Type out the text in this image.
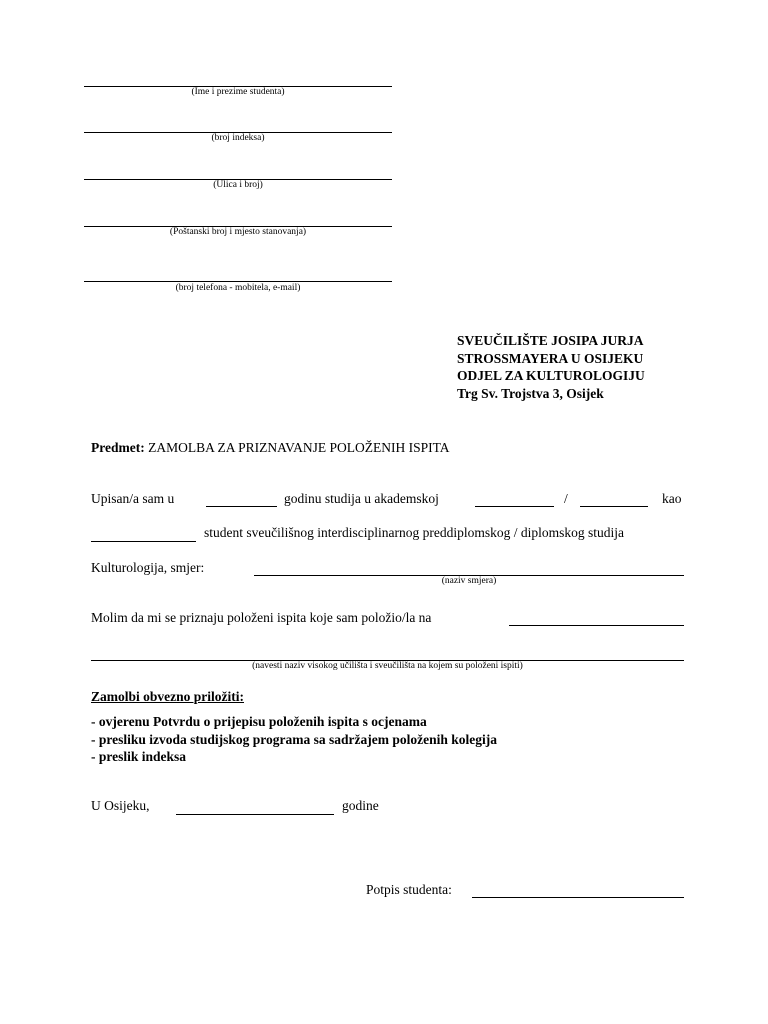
(Ime i prezime studenta)
(broj indeksa)
(Ulica i broj)
(Poštanski broj i mjesto stanovanja)
(broj telefona - mobitela, e-mail)
SVEUČILIŠTE JOSIPA JURJA
STROSSMAYERA U OSIJEKU
ODJEL ZA KULTUROLOGIJU
Trg Sv. Trojstva 3, Osijek
Predmet: ZAMOLBA ZA PRIZNAVANJE POLOŽENIH ISPITA
Upisan/a sam u	godinu studija u akademskoj	/	kao
student sveučilišnog interdisciplinarnog preddiplomskog / diplomskog studija
Kulturologija, smjer:
(naziv smjera)
Molim da mi se priznaju položeni ispita koje sam položio/la na
(navesti naziv visokog učilišta i sveučilišta na kojem su položeni ispiti)
Zamolbi obvezno priložiti:
- ovjerenu Potvrdu o prijepisu položenih ispita s ocjenama
- presliku izvoda studijskog programa sa sadržajem položenih kolegija
- preslik indeksa
U Osijeku,	godine
Potpis studenta:
